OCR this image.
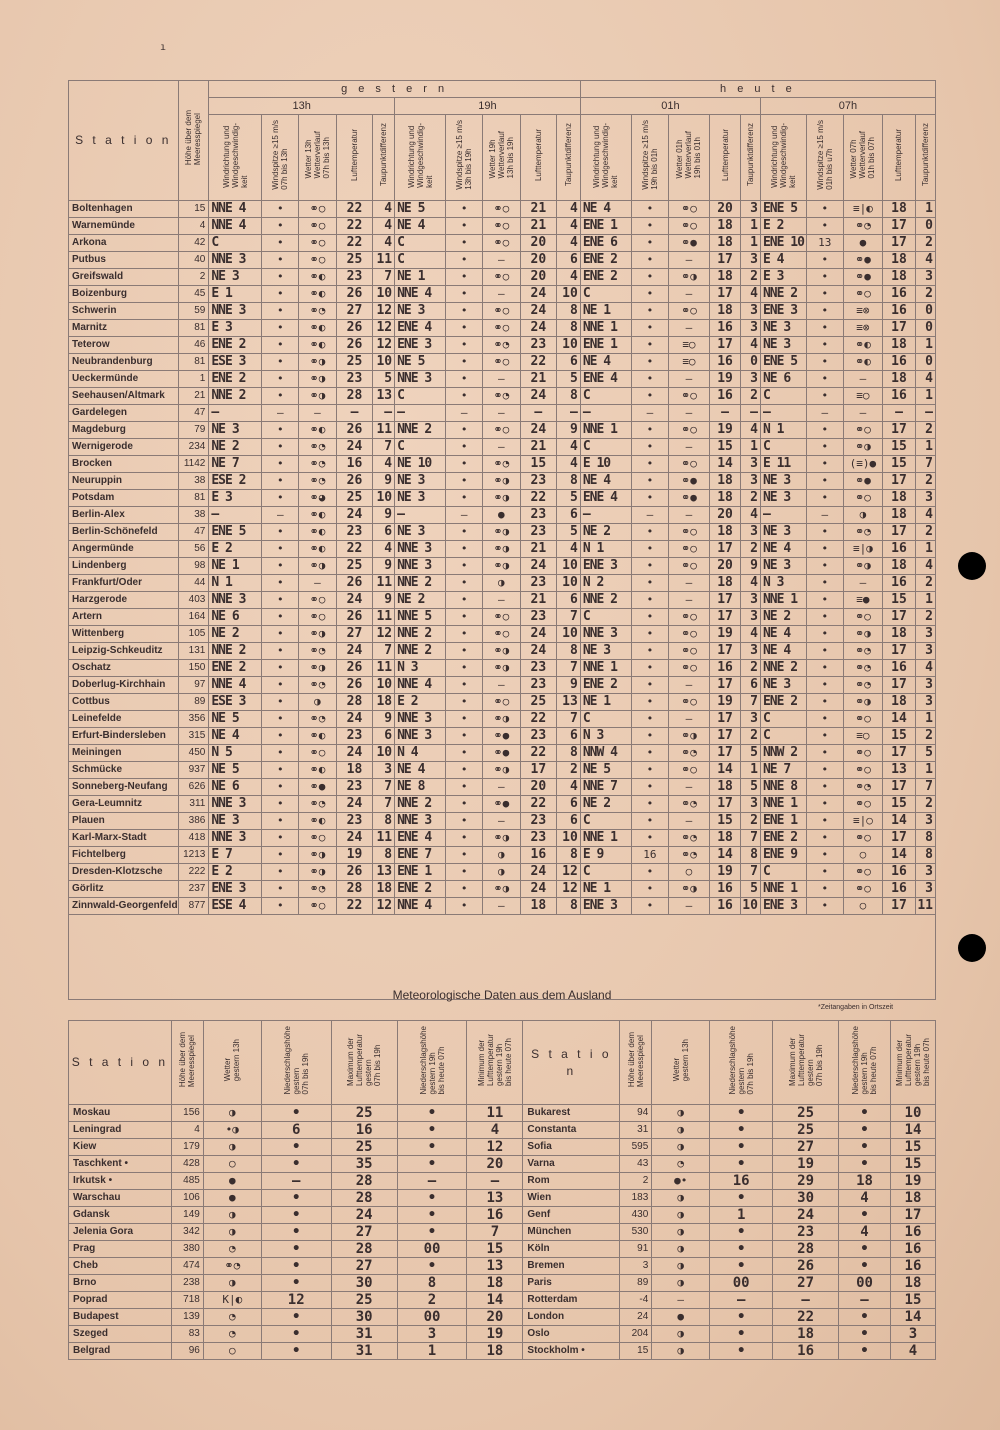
ı
S t a t i o n	Höhe über dem
Meeresspiegel	g e s t e r n										h e u t e									
		13h					19h					01h					07h				
		Windrichtung und
Windgeschwindig-
keit	Windspitze ≥15 m/s
07h bis 13h	Wetter 13h
Wetterverlauf
07h bis 13h	Lufttemperatur	Taupunktdifferenz	Windrichtung und
Windgeschwindig-
keit	Windspitze ≥15 m/s
13h bis 19h	Wetter 19h
Wetterverlauf
13h bis 19h	Lufttemperatur	Taupunktdifferenz	Windrichtung und
Windgeschwindig-
keit	Windspitze ≥15 m/s
19h bis 01h	Wetter 01h
Wetterverlauf
19h bis 01h	Lufttemperatur	Taupunktdifferenz	Windrichtung und
Windgeschwindig-
keit	Windspitze ≥15 m/s
01h bis u7h	Wetter 07h
Wetterverlauf
01h bis 07h	Lufttemperatur	Taupunktdifferenz
Boltenhagen	15	NNE 4	•	⚭○	22	4	NE 5	•	⚭○	21	4	NE 4	•	⚭○	20	3	ENE 5	•	≡|◐	18	1
Warnemünde	4	NNE 4	•	⚭○	22	4	NE 4	•	⚭○	21	4	ENE 1	•	⚭○	18	1	E 2	•	⚭◔	17	0
Arkona	42	C	•	⚭○	22	4	C	•	⚭○	20	4	ENE 6	•	⚭●	18	1	ENE 10	13	●	17	2
Putbus	40	NNE 3	•	⚭○	25	11	C	•	–	20	6	ENE 2	•	–	17	3	E 4	•	⚭●	18	4
Greifswald	2	NE 3	•	⚭◐	23	7	NE 1	•	⚭○	20	4	ENE 2	•	⚭◑	18	2	E 3	•	⚭●	18	3
Boizenburg	45	E 1	•	⚭◐	26	10	NNE 4	•	–	24	10	C	•	–	17	4	NNE 2	•	⚭○	16	2
Schwerin	59	NNE 3	•	⚭◔	27	12	NE 3	•	⚭○	24	8	NE 1	•	⚭○	18	3	ENE 3	•	≡⊗	16	0
Marnitz	81	E 3	•	⚭◐	26	12	ENE 4	•	⚭○	24	8	NNE 1	•	–	16	3	NE 3	•	≡⊗	17	0
Teterow	46	ENE 2	•	⚭◐	26	12	ENE 3	•	⚭◔	23	10	ENE 1	•	≡○	17	4	NE 3	•	⚭◐	18	1
Neubrandenburg	81	ESE 3	•	⚭◑	25	10	NE 5	•	⚭○	22	6	NE 4	•	≡○	16	0	ENE 5	•	⚭◐	16	0
Ueckermünde	1	ENE 2	•	⚭◑	23	5	NNE 3	•	–	21	5	ENE 4	•	–	19	3	NE 6	•	–	18	4
Seehausen/Altmark	21	NNE 2	•	⚭◑	28	13	C	•	⚭◔	24	8	C	•	⚭○	16	2	C	•	≡○	16	1
Gardelegen	47	–	–	–	–	–	–	–	–	–	–	–	–	–	–	–	–	–	–	–	–
Magdeburg	79	NE 3	•	⚭◐	26	11	NNE 2	•	⚭○	24	9	NNE 1	•	⚭○	19	4	N 1	•	⚭○	17	2
Wernigerode	234	NE 2	•	⚭◔	24	7	C	•	–	21	4	C	•	–	15	1	C	•	⚭◑	15	1
Brocken	1142	NE 7	•	⚭◔	16	4	NE 10	•	⚭◔	15	4	E 10	•	⚭○	14	3	E 11	•	(≡)●	15	7
Neuruppin	38	ESE 2	•	⚭◔	26	9	NE 3	•	⚭◑	23	8	NE 4	•	⚭●	18	3	NE 3	•	⚭●	17	2
Potsdam	81	E 3	•	⚭◕	25	10	NE 3	•	⚭◑	22	5	ENE 4	•	⚭●	18	2	NE 3	•	⚭○	18	3
Berlin-Alex	38	–	–	⚭◐	24	9	–	–	●	23	6	–	–	–	20	4	–	–	◑	18	4
Berlin-Schönefeld	47	ENE 5	•	⚭◐	23	6	NE 3	•	⚭◑	23	5	NE 2	•	⚭○	18	3	NE 3	•	⚭◔	17	2
Angermünde	56	E 2	•	⚭◐	22	4	NNE 3	•	⚭◑	21	4	N 1	•	⚭○	17	2	NE 4	•	≡|◑	16	1
Lindenberg	98	NE 1	•	⚭◑	25	9	NNE 3	•	⚭◑	24	10	ENE 3	•	⚭○	20	9	NE 3	•	⚭◑	18	4
Frankfurt/Oder	44	N 1	•	–	26	11	NNE 2	•	◑	23	10	N 2	•	–	18	4	N 3	•	–	16	2
Harzgerode	403	NNE 3	•	⚭○	24	9	NE 2	•	–	21	6	NNE 2	•	–	17	3	NNE 1	•	≡●	15	1
Artern	164	NE 6	•	⚭○	26	11	NNE 5	•	⚭○	23	7	C	•	⚭○	17	3	NE 2	•	⚭○	17	2
Wittenberg	105	NE 2	•	⚭◑	27	12	NNE 2	•	⚭○	24	10	NNE 3	•	⚭○	19	4	NE 4	•	⚭◑	18	3
Leipzig-Schkeuditz	131	NNE 2	•	⚭◔	24	7	NNE 2	•	⚭◑	24	8	NE 3	•	⚭○	17	3	NE 4	•	⚭◔	17	3
Oschatz	150	ENE 2	•	⚭◑	26	11	N 3	•	⚭◑	23	7	NNE 1	•	⚭○	16	2	NNE 2	•	⚭◔	16	4
Doberlug-Kirchhain	97	NNE 4	•	⚭◔	26	10	NNE 4	•	–	23	9	ENE 2	•	–	17	6	NE 3	•	⚭◔	17	3
Cottbus	89	ESE 3	•	◑	28	18	E 2	•	⚭○	25	13	NE 1	•	⚭○	19	7	ENE 2	•	⚭◑	18	3
Leinefelde	356	NE 5	•	⚭◔	24	9	NNE 3	•	⚭◑	22	7	C	•	–	17	3	C	•	⚭○	14	1
Erfurt-Bindersleben	315	NE 4	•	⚭◐	23	6	NNE 3	•	⚭●	23	6	N 3	•	⚭◑	17	2	C	•	≡○	15	2
Meiningen	450	N 5	•	⚭○	24	10	N 4	•	⚭●	22	8	NNW 4	•	⚭◔	17	5	NNW 2	•	⚭○	17	5
Schmücke	937	NE 5	•	⚭◐	18	3	NE 4	•	⚭◑	17	2	NE 5	•	⚭○	14	1	NE 7	•	⚭○	13	1
Sonneberg-Neufang	626	NE 6	•	⚭●	23	7	NE 8	•	–	20	4	NNE 7	•	–	18	5	NNE 8	•	⚭◔	17	7
Gera-Leumnitz	311	NNE 3	•	⚭◔	24	7	NNE 2	•	⚭●	22	6	NE 2	•	⚭◔	17	3	NNE 1	•	⚭○	15	2
Plauen	386	NE 3	•	⚭◐	23	8	NNE 3	•	–	23	6	C	•	–	15	2	ENE 1	•	≡|○	14	3
Karl-Marx-Stadt	418	NNE 3	•	⚭○	24	11	ENE 4	•	⚭◑	23	10	NNE 1	•	⚭◔	18	7	ENE 2	•	⚭○	17	8
Fichtelberg	1213	E 7	•	⚭◑	19	8	ENE 7	•	◑	16	8	E 9	16	⚭◔	14	8	ENE 9	•	○	14	8
Dresden-Klotzsche	222	E 2	•	⚭◑	26	13	ENE 1	•	◑	24	12	C	•	○	19	7	C	•	⚭○	16	3
Görlitz	237	ENE 3	•	⚭◔	28	18	ENE 2	•	⚭◑	24	12	NE 1	•	⚭◑	16	5	NNE 1	•	⚭○	16	3
Zinnwald-Georgenfeld	877	ESE 4	•	⚭○	22	12	NNE 4	•	–	18	8	ENE 3	•	–	16	10	ENE 3	•	○	17	11

Meteorologische Daten aus dem Ausland
*Zeitangaben in Ortszeit
S t a t i o n	Höhe über dem
Meeresspiegel	Wetter
gestern 13h	Niederschlagshöhe
gestern
07h bis 19h	Maximum der
Lufttemperatur
gestern
07h bis 19h	Niederschlagshöhe
gestern 19h
bis heute 07h	Minimum der
Lufttemperatur
gestern 19h
bis heute 07h	S t a t i o n	Höhe über dem
Meeresspiegel	Wetter
gestern 13h	Niederschlagshöhe
gestern
07h bis 19h	Maximum der
Lufttemperatur
gestern
07h bis 19h	Niederschlagshöhe
gestern 19h
bis heute 07h	Minimum der
Lufttemperatur
gestern 19h
bis heute 07h
Moskau	156	◑	•	25	•	11	Bukarest	94	◑	•	25	•	10
Leningrad	4	•◑	6	16	•	4	Constanta	31	◑	•	25	•	14
Kiew	179	◑	•	25	•	12	Sofia	595	◑	•	27	•	15
Taschkent •	428	○	•	35	•	20	Varna	43	◔	•	19	•	15
Irkutsk •	485	●	–	28	–	–	Rom	2	●•	16	29	18	19
Warschau	106	●	•	28	•	13	Wien	183	◑	•	30	4	18
Gdansk	149	◑	•	24	•	16	Genf	430	◑	1	24	•	17
Jelenia Gora	342	◑	•	27	•	7	München	530	◑	•	23	4	16
Prag	380	◔	•	28	00	15	Köln	91	◑	•	28	•	16
Cheb	474	⚭◔	•	27	•	13	Bremen	3	◑	•	26	•	16
Brno	238	◑	•	30	8	18	Paris	89	◑	00	27	00	18
Poprad	718	K|◐	12	25	2	14	Rotterdam	-4	–	–	–	–	15
Budapest	139	◔	•	30	00	20	London	24	●	•	22	•	14
Szeged	83	◔	•	31	3	19	Oslo	204	◑	•	18	•	3
Belgrad	96	○	•	31	1	18	Stockholm •	15	◑	•	16	•	4
